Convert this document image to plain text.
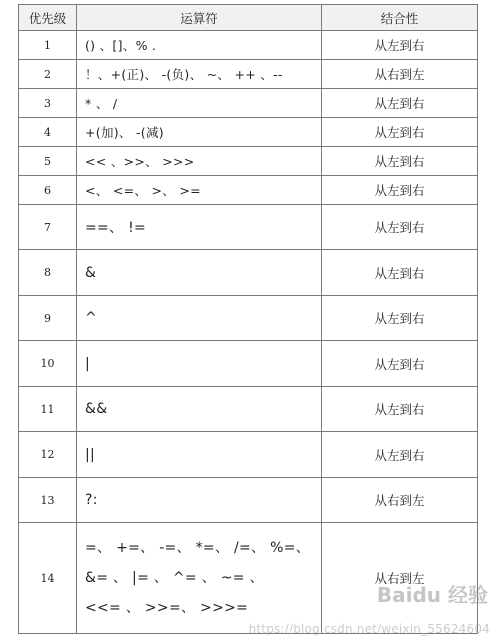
优先级	运算符	结合性
1	() 、[]、% .	从左到右
2	！、+(正)、 -(负)、 ~、 ++ 、--	从右到左
3	* 、 /	从左到右
4	+(加)、 -(减)	从左到右
5	<< 、>>、 >>>	从左到右
6	<、 <=、 >、 >=	从左到右
7	==、 !=	从左到右
8	&	从左到右
9	^	从左到右
10	|	从左到右
11	&&	从左到右
12	||	从左到右
13	?:	从右到左
14	=、 +=、 -=、 *=、 /=、 %=、
&= 、 |= 、 ^= 、 ~= 、
<<= 、 >>=、 >>>=	从右到左
Baidu 经验
https://blog.csdn.net/weixin_55624604
